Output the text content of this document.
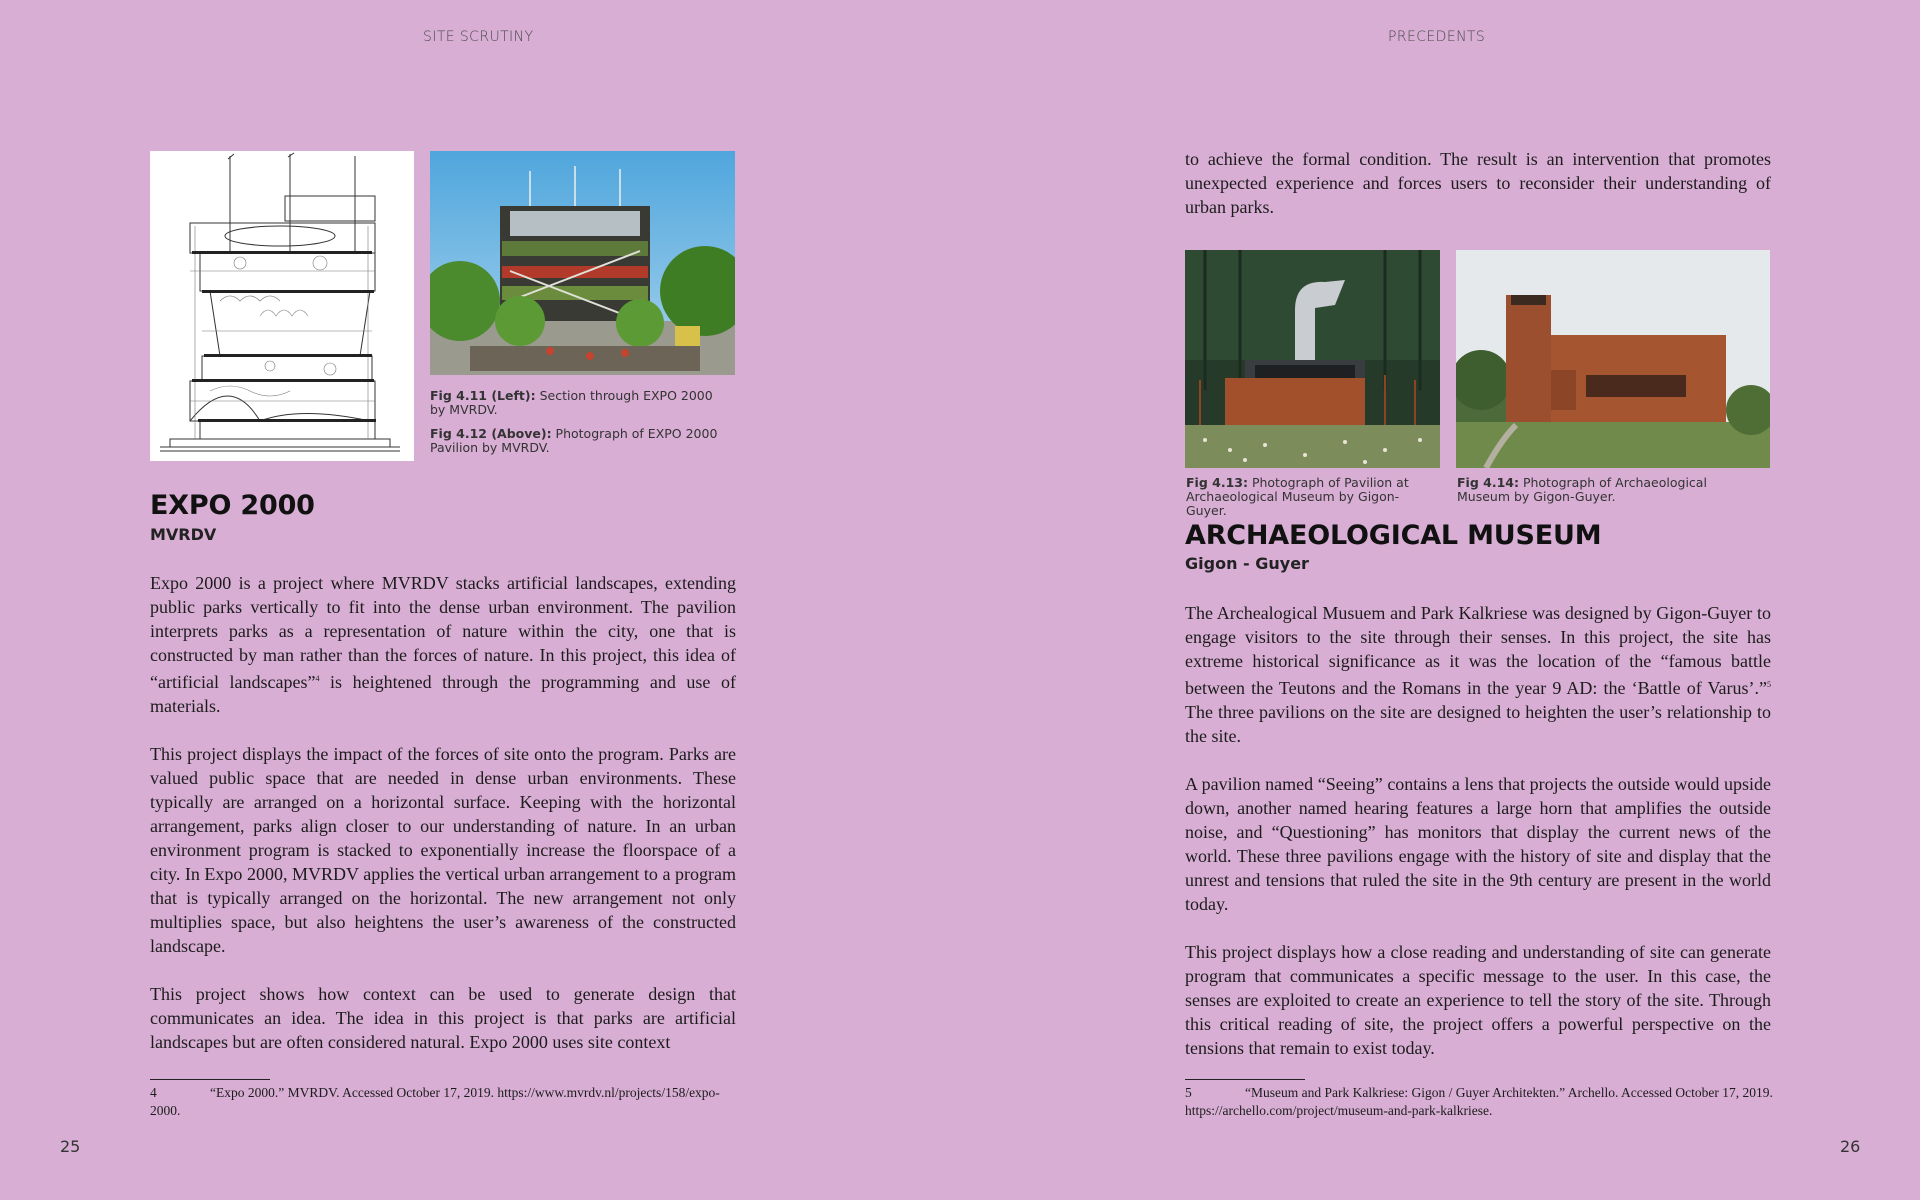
SITE SCRUTINY

Fig 4.11 (Left): Section through EXPO 2000 by MVRDV.

Fig 4.12 (Above): Photograph of EXPO 2000 Pavilion by MVRDV.

EXPO 2000
MVRDV

Expo 2000 is a project where MVRDV stacks artificial landscapes, extending public parks vertically to fit into the dense urban environment. The pavilion interprets parks as a representation of nature within the city, one that is constructed by man rather than the forces of nature. In this project, this idea of “artificial landscapes”$^4$ is heightened through the programming and use of materials.

This project displays the impact of the forces of site onto the program. Parks are valued public space that are needed in dense urban environments. These typically are arranged on a horizontal surface. Keeping with the horizontal arrangement, parks align closer to our understanding of nature. In an urban environment program is stacked to exponentially increase the floorspace of a city. In Expo 2000, MVRDV applies the vertical urban arrangement to a program that is typically arranged on the horizontal. The new arrangement not only multiplies space, but also heightens the user’s awareness of the constructed landscape.

This project shows how context can be used to generate design that communicates an idea. The idea in this project is that parks are artificial landscapes but are often considered natural. Expo 2000 uses site context

4	“Expo 2000.” MVRDV. Accessed October 17, 2019. https://www.mvrdv.nl/projects/158/expo-2000.
25
PRECEDENTS

to achieve the formal condition. The result is an intervention that promotes unexpected experience and forces users to reconsider their understanding of urban parks.

Fig 4.13: Photograph of Pavilion at Archaeological Museum by Gigon-Guyer.
Fig 4.14: Photograph of Archaeological Museum by Gigon-Guyer.
ARCHAEOLOGICAL MUSEUM
Gigon - Guyer

The Archealogical Musuem and Park Kalkriese was designed by Gigon-Guyer to engage visitors to the site through their senses. In this project, the site has extreme historical significance as it was the location of the “famous battle between the Teutons and the Romans in the year 9 AD: the ‘Battle of Varus’.”$^5$ The three pavilions on the site are designed to heighten the user’s relationship to the site.

A pavilion named “Seeing” contains a lens that projects the outside would upside down, another named hearing features a large horn that amplifies the outside noise, and “Questioning” has monitors that display the current news of the world. These three pavilions engage with the history of site and display that the unrest and tensions that ruled the site in the 9th century are present in the world today.

This project displays how a close reading and understanding of site can generate program that communicates a specific message to the user. In this case, the senses are exploited to create an experience to tell the story of the site. Through this critical reading of site, the project offers a powerful perspective on the tensions that remain to exist today.

5	“Museum and Park Kalkriese: Gigon / Guyer Architekten.” Archello. Accessed October 17, 2019. https://archello.com/project/museum-and-park-kalkriese.
26
